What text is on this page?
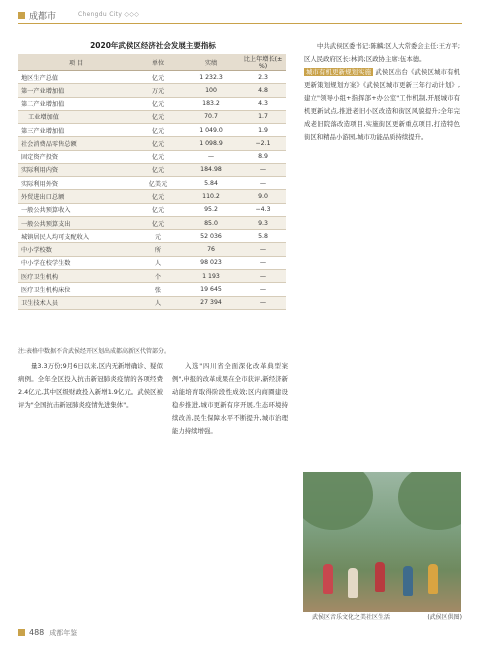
成都市	Chengdu City ◇◇◇
2020年武侯区经济社会发展主要指标
项 目	单位	实绩	比上年增长(±%)
地区生产总值	亿元	1 232.3	2.3
第一产业增加值	万元	100	4.8
第二产业增加值	亿元	183.2	4.3
工业增加值	亿元	70.7	1.7
第三产业增加值	亿元	1 049.0	1.9
社会消费品零售总额	亿元	1 098.9	−2.1
固定资产投资	亿元	—	8.9
实际利用内资	亿元	184.98	—
实际利用外资	亿美元	5.84	—
外贸进出口总额	亿元	110.2	9.0
一般公共预算收入	亿元	95.2	−4.3
一般公共预算支出	亿元	85.0	9.3
城镇居民人均可支配收入	元	52 036	5.8
中小学校数	所	76	—
中小学在校学生数	人	98 023	—
医疗卫生机构	个	1 193	—
医疗卫生机构床位	张	19 645	—
卫生技术人员	人	27 394	—
注:表格中数据不含武侯经开区划出成都高新区代管部分。

量3.3万份;9月6日以来,区内无新增确诊、疑似病例。全年全区投入抗击新冠肺炎疫情的各项经费2.4亿元,其中区级财政投入新增1.9亿元。武侯区被评为"全国抗击新冠肺炎疫情先进集体"。

入选"四川省全面深化改革典型案例",申报的改革成果在全市获评,新经济新动能培育取得阶段性成效;区内商圈建设稳步推进,城市更新有序开展,生态环境持续改善,民生保障水平不断提升,城市治理能力持续增强。

中共武侯区委书记:陈麟;区人大常委会主任:王方平;区人民政府区长:林鸿;区政协主席:伍本德。

城市有机更新规划实施 武侯区出台《武侯区城市有机更新策划规划方案》《武侯区城市更新三年行动计划》,建立"领导小组+指挥部+办公室"工作机制,开展城市有机更新试点,推进老旧小区改造和街区风貌提升;全年完成老旧院落改造项目,实施街区更新重点项目,打造特色街区和精品小游园,城市功能品质持续提升。

武侯区音乐文化之美社区生活	(武侯区供图)
488 成都年鉴
